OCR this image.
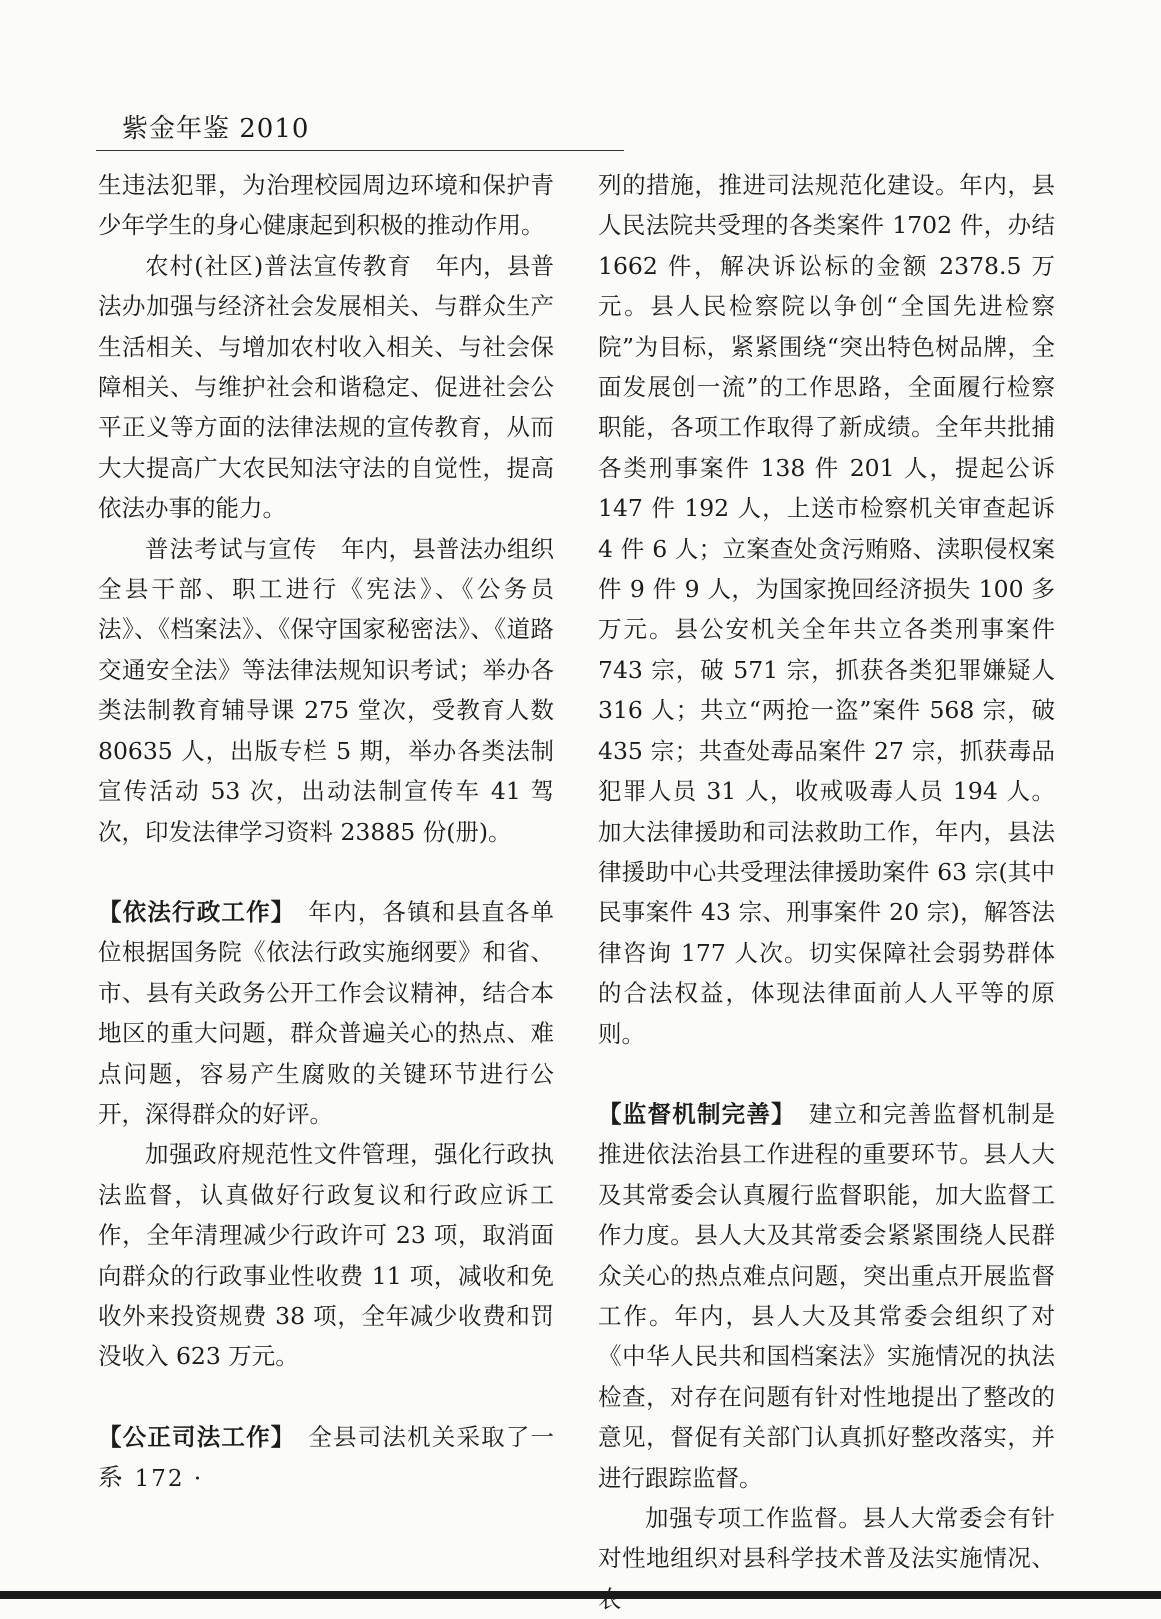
紫金年鉴 2010

生违法犯罪，为治理校园周边环境和保护青少年学生的身心健康起到积极的推动作用。

农村(社区)普法宣传教育　 年内，县普法办加强与经济社会发展相关、与群众生产生活相关、与增加农村收入相关、与社会保障相关、与维护社会和谐稳定、促进社会公平正义等方面的法律法规的宣传教育，从而大大提高广大农民知法守法的自觉性，提高依法办事的能力。

普法考试与宣传　 年内，县普法办组织全县干部、职工进行《宪法》、《公务员法》、《档案法》、《保守国家秘密法》、《道路交通安全法》等法律法规知识考试；举办各类法制教育辅导课 275 堂次，受教育人数 80635 人，出版专栏 5 期，举办各类法制宣传活动 53 次，出动法制宣传车 41 驾次，印发法律学习资料 23885 份(册)。

【依法行政工作】　 年内，各镇和县直各单位根据国务院《依法行政实施纲要》和省、市、县有关政务公开工作会议精神，结合本地区的重大问题，群众普遍关心的热点、难点问题，容易产生腐败的关键环节进行公开，深得群众的好评。

加强政府规范性文件管理，强化行政执法监督，认真做好行政复议和行政应诉工作，全年清理减少行政许可 23 项，取消面向群众的行政事业性收费 11 项，减收和免收外来投资规费 38 项，全年减少收费和罚没收入 623 万元。

【公正司法工作】　 全县司法机关采取了一系

列的措施，推进司法规范化建设。年内，县人民法院共受理的各类案件 1702 件，办结 1662 件，解决诉讼标的金额 2378.5 万元。县人民检察院以争创“全国先进检察院”为目标，紧紧围绕“突出特色树品牌，全面发展创一流”的工作思路，全面履行检察职能，各项工作取得了新成绩。全年共批捕各类刑事案件 138 件 201 人，提起公诉 147 件 192 人，上送市检察机关审查起诉 4 件 6 人；立案查处贪污贿赂、渎职侵权案件 9 件 9 人，为国家挽回经济损失 100 多万元。县公安机关全年共立各类刑事案件 743 宗，破 571 宗，抓获各类犯罪嫌疑人 316 人；共立“两抢一盗”案件 568 宗，破 435 宗；共查处毒品案件 27 宗，抓获毒品犯罪人员 31 人，收戒吸毒人员 194 人。加大法律援助和司法救助工作，年内，县法律援助中心共受理法律援助案件 63 宗(其中民事案件 43 宗、刑事案件 20 宗)，解答法律咨询 177 人次。切实保障社会弱势群体的合法权益，体现法律面前人人平等的原则。

【监督机制完善】　 建立和完善监督机制是推进依法治县工作进程的重要环节。县人大及其常委会认真履行监督职能，加大监督工作力度。县人大及其常委会紧紧围绕人民群众关心的热点难点问题，突出重点开展监督工作。年内，县人大及其常委会组织了对《中华人民共和国档案法》实施情况的执法检查，对存在问题有针对性地提出了整改的意见，督促有关部门认真抓好整改落实，并进行跟踪监督。

加强专项工作监督。县人大常委会有针对性地组织对县科学技术普及法实施情况、

· 172 ·
